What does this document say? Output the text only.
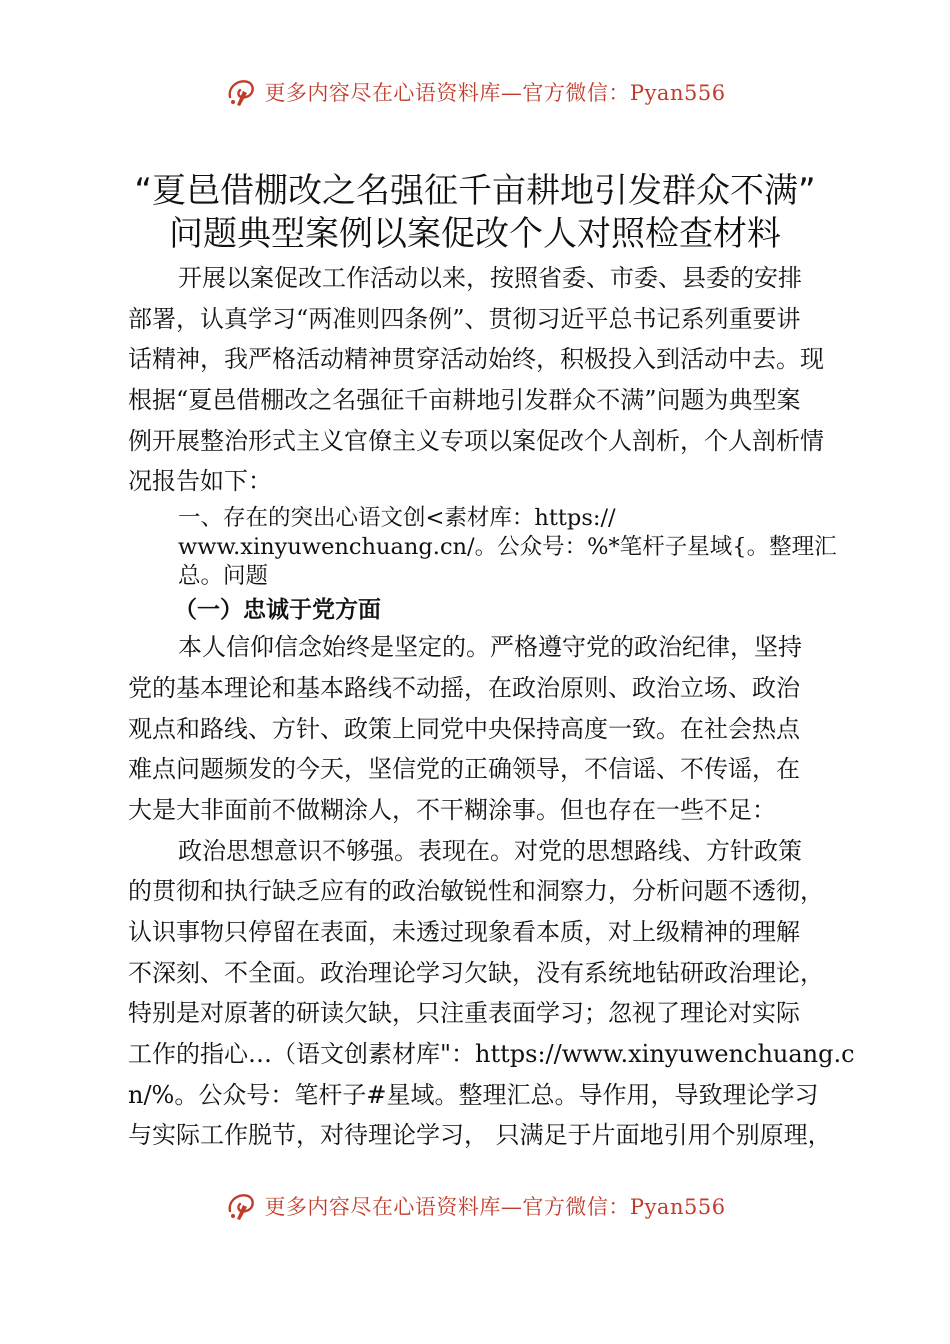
更多内容尽在心语资料库—官方微信：Pyan556
“夏邑借棚改之名强征千亩耕地引发群众不满”
问题典型案例以案促改个人对照检查材料
开展以案促改工作活动以来，按照省委、市委、县委的安排
部署，认真学习“两准则四条例”、贯彻习近平总书记系列重要讲
话精神，我严格活动精神贯穿活动始终，积极投入到活动中去。现
根据“夏邑借棚改之名强征千亩耕地引发群众不满”问题为典型案
例开展整治形式主义官僚主义专项以案促改个人剖析，个人剖析情
况报告如下：
一、存在的突出心语文创<素材库：https://
www.xinyuwenchuang.cn/。公众号：%*笔杆子星域{。整理汇
总。问题
（一）忠诚于党方面
本人信仰信念始终是坚定的。严格遵守党的政治纪律，坚持
党的基本理论和基本路线不动摇，在政治原则、政治立场、政治
观点和路线、方针、政策上同党中央保持高度一致。在社会热点
难点问题频发的今天，坚信党的正确领导，不信谣、不传谣，在
大是大非面前不做糊涂人，不干糊涂事。但也存在一些不足：
政治思想意识不够强。表现在。对党的思想路线、方针政策
的贯彻和执行缺乏应有的政治敏锐性和洞察力，分析问题不透彻，
认识事物只停留在表面，未透过现象看本质，对上级精神的理解
不深刻、不全面。政治理论学习欠缺，没有系统地钻研政治理论，
特别是对原著的研读欠缺，只注重表面学习；忽视了理论对实际
工作的指心…（语文创素材库"：https://www.xinyuwenchuang.c
n/%。公众号：笔杆子#星域。整理汇总。导作用，导致理论学习
与实际工作脱节，对待理论学习， 只满足于片面地引用个别原理，
更多内容尽在心语资料库—官方微信：Pyan556
